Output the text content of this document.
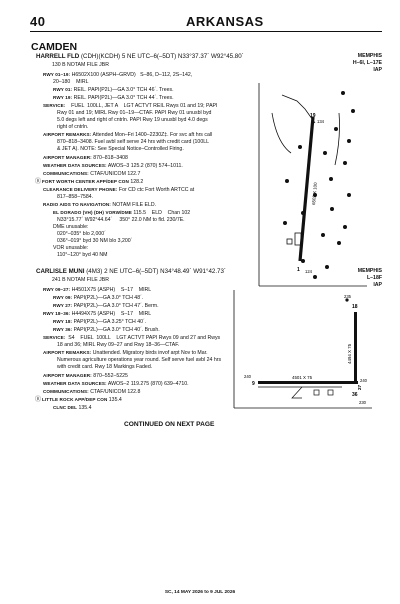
40	ARKANSAS
CAMDEN
HARRELL FLD (CDH)(KCDH) 5 NE UTC–6(–5DT) N33°37.37´ W92°45.80´
130 B NOTAM FILE JBR
MEMPHIS
H–6I, L–17E
IAP
RWY 01–19: H6502X100 (ASPH–GRVD)   S–86, D–112, 2S–142,
20–180    MIRL
RWY 01: REIL. PAPI(P2L)—GA 3.0° TCH 46´. Trees.
RWY 19: REIL. PAPI(P2L)—GA 3.0° TCH 44´. Trees.
SERVICE:    FUEL  100LL, JET A    LGT ACTVT REIL Rwys 01 and 19; PAPI
Rwy 01 and 19; MIRL Rwy 01–19—CTAF. PAPI Rwy 01 unusbl byd
5.0 degs left and right of cntrln. PAPI Rwy 19 unusbl byd 4.0 degs
right of cntrln.
AIRPORT REMARKS: Attended Mon–Fri 1400–2230Z‡. For svc aft hrs call
870–818–3408. Fuel avbl self serve 24 hrs with credit card (100LL
& JET A). NOTE: See Special Notice–Controlled Firing.
AIRPORT MANAGER: 870–818–3408
WEATHER DATA SOURCES: AWOS–3 125.2 (870) 574–1011.
COMMUNICATIONS: CTAF/UNICOM 122.7
ⓇFORT WORTH CENTER APP/DEP CON 128.2
CLEARANCE DELIVERY PHONE: For CD ctc Fort Worth ARTCC at
817–858–7584.
RADIO AIDS TO NAVIGATION: NOTAM FILE ELD.
EL DORADO (VH) (DH) VORW/DME 115.5    ELD    Chan 102
N33°15.77´ W92°44.64´     350° 22.0 NM to fld. 230/7E.
DME unusable:
020°–035° blo 2,000´
036°–019° byd 30 NM blo 3,200´
VOR unusable:
110°–120° byd 40 NM
19
134
1 124
6502 X 100
CARLISLE MUNI (4M3) 2 NE UTC–6(–5DT) N34°48.49´ W91°42.73´
241 B NOTAM FILE JBR
MEMPHIS
L–18F
IAP
RWY 09–27: H4501X75 (ASPH)    S–17    MIRL
RWY 09: PAPI(P2L)—GA 3.0° TCH 48´.
RWY 27: PAPI(P2L)—GA 3.0° TCH 47´. Berm.
RWY 18–36: H4494X75 (ASPH)    S–17    MIRL
RWY 18: PAPI(P2L)—GA 3.25° TCH 40´.
RWY 36: PAPI(P2L)—GA 3.0° TCH 40´. Brush.
SERVICE:  S4    FUEL  100LL    LGT ACTVT PAPI Rwys 09 and 27 and Rwys
18 and 36; MIRL Rwy 09–27 and Rwy 18–36—CTAF.
AIRPORT REMARKS: Unattended. Migratory birds invof arpt Nov to Mar.
Numerous agriculture operations year round. Self serve fuel avbl 24 hrs
with credit card. Rwy 18 Markings Faded.
AIRPORT MANAGER: 870–552–5225
WEATHER DATA SOURCES: AWOS–2 119.275 (870) 639–4710.
COMMUNICATIONS: CTAF/UNICOM 122.8
ⓇLITTLE ROCK APP/DEP CON 135.4
CLNC DEL 135.4
18
235
36
230
9
240
27
240
4494 X 75
4501 X 75
CONTINUED ON NEXT PAGE
SC, 14 MAY 2026 to 9 JUL 2026
